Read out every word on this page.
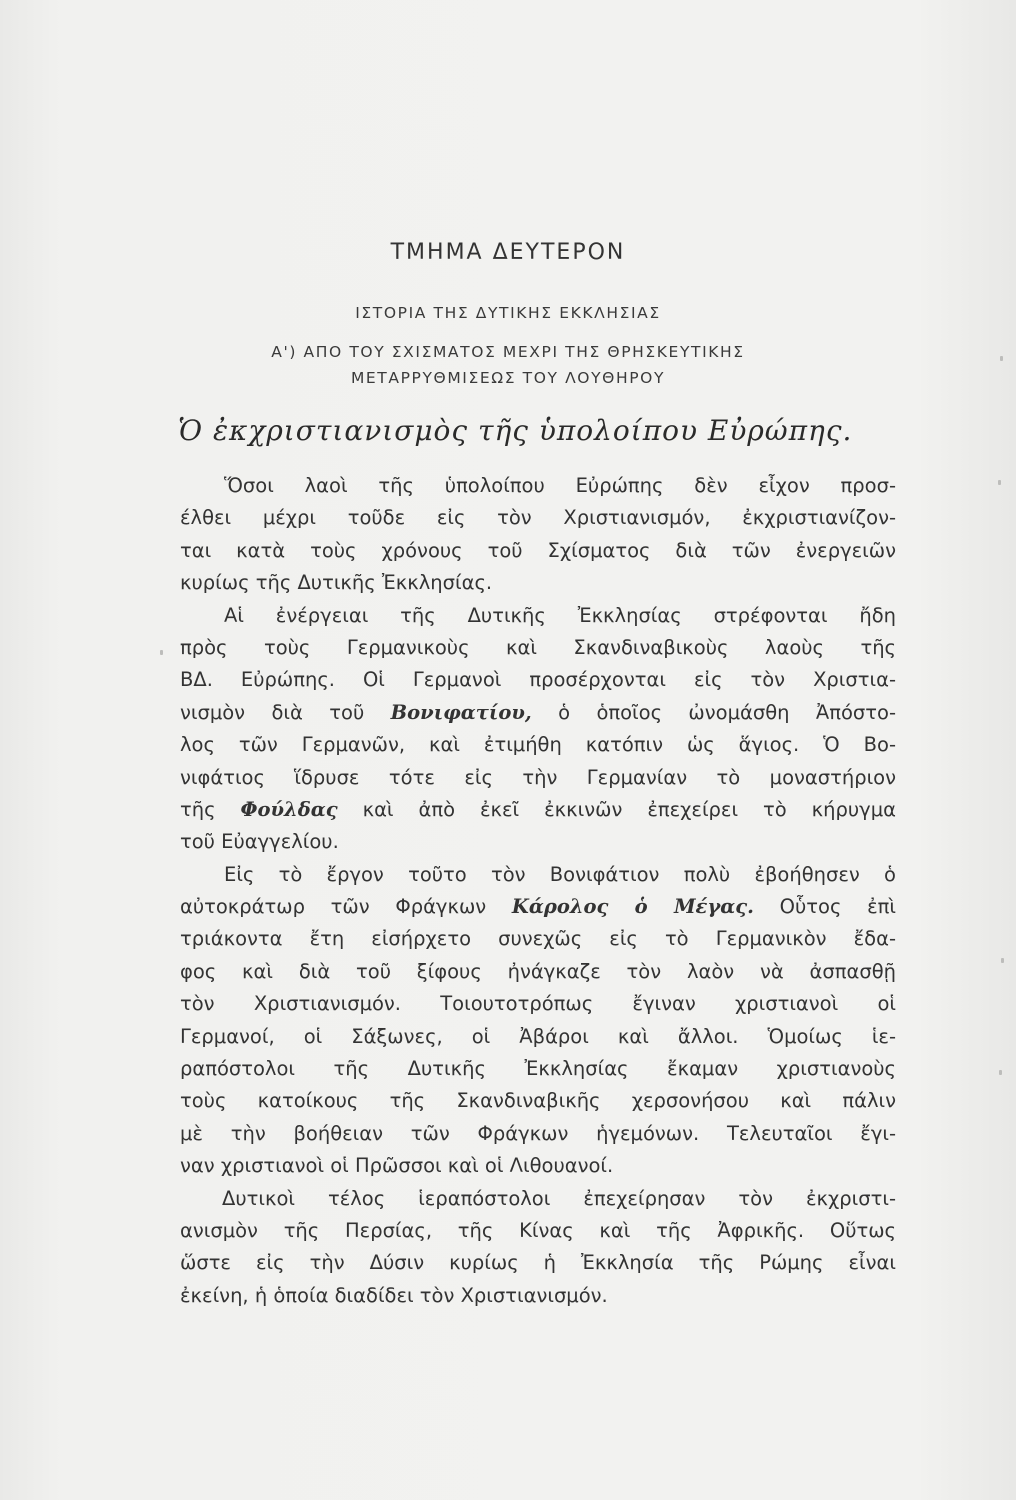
ΤΜΗΜΑ ΔΕΥΤΕΡΟΝ
ΙΣΤΟΡΙΑ ΤΗΣ ΔΥΤΙΚΗΣ ΕΚΚΛΗΣΙΑΣ
Α') ΑΠΟ ΤΟΥ ΣΧΙΣΜΑΤΟΣ ΜΕΧΡΙ ΤΗΣ ΘΡΗΣΚΕΥΤΙΚΗΣ
ΜΕΤΑΡΡΥΘΜΙΣΕΩΣ ΤΟΥ ΛΟΥΘΗΡΟΥ
Ὁ ἐκχριστιανισμὸς τῆς ὑπολοίπου Εὐρώπης.
Ὅσοι λαοὶ τῆς ὑπολοίπου Εὐρώπης δὲν εἶχον προσ-
έλθει μέχρι τοῦδε εἰς τὸν Χριστιανισμόν, ἐκχριστιανίζον-
ται κατὰ τοὺς χρόνους τοῦ Σχίσματος διὰ τῶν ἐνεργειῶν
κυρίως τῆς Δυτικῆς Ἐκκλησίας.
Αἱ ἐνέργειαι τῆς Δυτικῆς Ἐκκλησίας στρέφονται ἤδη
πρὸς τοὺς Γερμανικοὺς καὶ Σκανδιναβικοὺς λαοὺς τῆς
ΒΔ. Εὐρώπης. Οἱ Γερμανοὶ προσέρχονται εἰς τὸν Χριστια-
νισμὸν διὰ τοῦ Βονιφατίου, ὁ ὁποῖος ὠνομάσθη Ἀπόστο-
λος τῶν Γερμανῶν, καὶ ἐτιμήθη κατόπιν ὡς ἅγιος. Ὁ Βο-
νιφάτιος ἵδρυσε τότε εἰς τὴν Γερμανίαν τὸ μοναστήριον
τῆς Φούλδας καὶ ἀπὸ ἐκεῖ ἐκκινῶν ἐπεχείρει τὸ κήρυγμα
τοῦ Εὐαγγελίου.
Εἰς τὸ ἔργον τοῦτο τὸν Βονιφάτιον πολὺ ἐβοήθησεν ὁ
αὐτοκράτωρ τῶν Φράγκων Κάρολος ὁ Μέγας. Οὗτος ἐπὶ
τριάκοντα ἔτη εἰσήρχετο συνεχῶς εἰς τὸ Γερμανικὸν ἔδα-
φος καὶ διὰ τοῦ ξίφους ἠνάγκαζε τὸν λαὸν νὰ ἀσπασθῇ
τὸν Χριστιανισμόν. Τοιουτοτρόπως ἔγιναν χριστιανοὶ οἱ
Γερμανοί, οἱ Σάξωνες, οἱ Ἀβάροι καὶ ἄλλοι. Ὁμοίως ἱε-
ραπόστολοι τῆς Δυτικῆς Ἐκκλησίας ἔκαμαν χριστιανοὺς
τοὺς κατοίκους τῆς Σκανδιναβικῆς χερσονήσου καὶ πάλιν
μὲ τὴν βοήθειαν τῶν Φράγκων ἡγεμόνων. Τελευταῖοι ἔγι-
ναν χριστιανοὶ οἱ Πρῶσσοι καὶ οἱ Λιθουανοί.
Δυτικοὶ τέλος ἱεραπόστολοι ἐπεχείρησαν τὸν ἐκχριστι-
ανισμὸν τῆς Περσίας, τῆς Κίνας καὶ τῆς Ἀφρικῆς. Οὕτως
ὥστε εἰς τὴν Δύσιν κυρίως ἡ Ἐκκλησία τῆς Ρώμης εἶναι
ἐκείνη, ἡ ὁποία διαδίδει τὸν Χριστιανισμόν.
